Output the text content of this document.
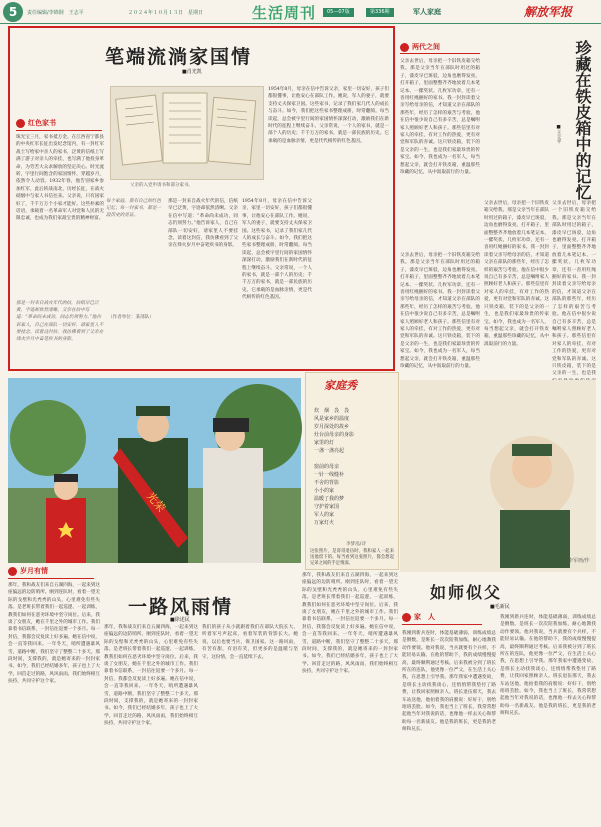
5	责任编辑/李锦钢　王志平	２０２４年１０月１３日　星期日	生活周刊	05—07版	第336期	军人家庭	解放军报
笔端流淌家国情
■肖光凯
父亲的入党申请书和部分家书。
红色家书
珠光宝三月，家书抵万金。在江西省宁都县的中央红军长征出发纪念馆内，有一封红军战士写给家中亲人的家书，泛黄的信纸上写满了游子对亲人的牵挂，也写满了他投身革命、为劳苦大众求解放的坚定决心。时光流转，字里行间饱含的家国情怀，穿越岁月，依然令人动容。1932年春，他告别家乡参加红军，此后转战南北，历经长征，在战火硝烟中与家人书信往来。父亲说，只有国家好了，千千万万个小家才能好。这些朴素的话语，承载着一名革命军人对党和人民的无限忠诚，也成为我们家最宝贵的精神财富。
每个家庭，都有自己的红色记忆；每一封家书，都是一段历史的见证。
（作者单位：某部队）
那是一封来自战火年代的信，信纸早已泛黄，字迹却依然清晰。父亲在信中写道：“革命尚未成功，同志仍须努力。”他告诉家人，自己在部队一切安好，请家里人不要挂念。读着这封信，我仿佛看到了父亲在烽火岁月中奋笔疾书的身影。
那是一封来自战火年代的信，信纸早已泛黄，字迹却依然清晰。父亲在信中写道：“革命尚未成功，同志仍须努力。”他告诉家人，自己在部队一切安好，请家里人不要挂念。读着这封信，我仿佛看到了父亲在烽火岁月中奋笔疾书的身影。
1954年8月，母亲在信中告诉父亲，家里一切安好，孩子们都很懂事，让他安心在部队工作。她说，军人的妻子，就要支持丈夫保家卫国。这些家书，记录了我们家几代人的成长与奋斗。如今，我们把这些家书整理成册，时常翻阅。每当读起，总会被字里行间的家国情怀深深打动，激励我们在新时代的征程上继续奋斗。父亲常说，一个人的家书，就是一部个人的历史；千千万万的家书，就是一部民族的历史。它承载的是血脉亲情，更是代代相传的红色基因。
1954年8月，母亲在信中告诉父亲，家里一切安好，孩子们都很懂事，让他安心在部队工作。她说，军人的妻子，就要支持丈夫保家卫国。这些家书，记录了我们家几代人的成长与奋斗。如今，我们把这些家书整理成册，时常翻阅。每当读起，总会被字里行间的家国情怀深深打动，激励我们在新时代的征程上继续奋斗。父亲常说，一个人的家书，就是一部个人的历史；千千万万的家书，就是一部民族的历史。它承载的是血脉亲情，更是代代相传的红色基因。
两代之间	珍藏在铁皮箱中的记忆
■王立平
父亲去世后，母亲把一个旧铁皮箱交给我。那是父亲当年在部队时用过的箱子，漆皮早已斑驳，边角也磨得发亮。打开箱子，里面整整齐齐地放着几本笔记本、一摞奖状、几枚军功章，还有一沓用红绳捆好的家书。我一封封读着父亲写给母亲的信，才知道父亲在部队的那些年，经历了怎样的艰苦与考验。他在信中很少说自己有多辛苦，总是嘱咐家人照顾好老人和孩子。那些信里有对家人的牵挂，有对工作的热爱，更有对党和军队的赤诚。这只铁皮箱，装下的是父亲的一生，也是我们家最珍贵的传家宝。如今，我也成为一名军人，每当想起父亲，就会打开铁皮箱，重温那些珍藏的记忆，从中汲取前行的力量。
父亲去世后，母亲把一个旧铁皮箱交给我。那是父亲当年在部队时用过的箱子，漆皮早已斑驳，边角也磨得发亮。打开箱子，里面整整齐齐地放着几本笔记本、一摞奖状、几枚军功章，还有一沓用红绳捆好的家书。我一封封读着父亲写给母亲的信，才知道父亲在部队的那些年，经历了怎样的艰苦与考验。他在信中很少说自己有多辛苦，总是嘱咐家人照顾好老人和孩子。那些信里有对家人的牵挂，有对工作的热爱，更有对党和军队的赤诚。这只铁皮箱，装下的是父亲的一生，也是我们家最珍贵的传家宝。如今，我也成为一名军人，每当想起父亲，就会打开铁皮箱，重温那些珍藏的记忆，从中汲取前行的力量。
父亲去世后，母亲把一个旧铁皮箱交给我。那是父亲当年在部队时用过的箱子，漆皮早已斑驳，边角也磨得发亮。打开箱子，里面整整齐齐地放着几本笔记本、一摞奖状、几枚军功章，还有一沓用红绳捆好的家书。我一封封读着父亲写给母亲的信，才知道父亲在部队的那些年，经历了怎样的艰苦与考验。他在信中很少说自己有多辛苦，总是嘱咐家人照顾好老人和孩子。那些信里有对家人的牵挂，有对工作的热爱，更有对党和军队的赤诚。这只铁皮箱，装下的是父亲的一生，也是我们家最珍贵的传家宝。如今，我也成为一名军人，每当想起父亲，就会打开铁皮箱，重温那些珍藏的记忆，从中汲取前行的力量。
父亲去世后，母亲把一个旧铁皮箱交给我。那是父亲当年在部队时用过的箱子，漆皮早已斑驳，边角也磨得发亮。打开箱子，里面整整齐齐地放着几本笔记本、一摞奖状、几枚军功章，还有一沓用红绳捆好的家书。我一封封读着父亲写给母亲的信，才知道父亲在部队的那些年，经历了怎样的艰苦与考验。他在信中很少说自己有多辛苦，总是嘱咐家人照顾好老人和孩子。那些信里有对家人的牵挂，有对工作的热爱，更有对党和军队的赤诚。这只铁皮箱，装下的是父亲的一生，也是我
光荣
家庭秀
炊　烟　袅　袅
风是家乡的温度
岁月深处的故乡
灶台前母亲的身影
家里的灯
一盏一盏亮起
窗前的母亲
一针一线缝补
不舍的背影
小小的家
温暖了我的梦
守护着家国
军人的家
万家灯火
李梦泓/诗
这张照片，是哥哥退伍时，我和家人一起来送他留下的。每当看到这张照片，都会想起兄弟之间的手足情深。	李军画/作
岁月有情
一路风雨情
■徐述民
那年，我和战友们来自五湖四海，一起来到这座偏远的边防哨所。刚到连队时，看着一望无际的戈壁和光秃秃的山头，心里难免有些失落。是老班长带着我们一起巡逻、一起训练，教我们如何在恶劣环境中坚守岗位。后来，我谈了女朋友，她在千里之外的城市工作。我们靠着书信联系，一封信往返要一个多月。每一封信，我都会反复读上好多遍。她在信中说，会一直等我回来。一年冬天，哨所遭遇暴风雪，道路中断，我们坚守了整整二十多天。那段时间，支撑我的，就是她寄来的一封封家书。如今，我们已经结婚多年，孩子也上了大学。回首走过的路，风风雨雨，我们始终相互扶持，共同守护这个家。
那年，我和战友们来自五湖四海，一起来到这座偏远的边防哨所。刚到连队时，看着一望无际的戈壁和光秃秃的山头，心里难免有些失落。是老班长带着我们一起巡逻、一起训练，教我们如何在恶劣环境中坚守岗位。后来，我谈了女朋友，她在千里之外的城市工作。我们靠着书信联系，一封信往返要一个多月。每一封信，我都会反复读上好多遍。她在信中说，会一直等我回来。一年冬天，哨所遭遇暴风雪，道路中断，我们坚守了整整二十多天。那段时间，支撑我的，就是她寄来的一封封家书。如今，我们已经结婚多年，孩子也上了大学。回首走过的路，风风雨雨，我们始终相互扶持，共同守护这个家。
我们的孩子从小就跟着我们在部队大院长大，听着军号声起床，看着军装的背影长大。她说，以后也要当兵，保卫国家。这一路风雨，有苦有甜，有泪有笑，但更多的是温暖与坚守。这份情，会一直延续下去。
那年，我和战友们来自五湖四海，一起来到这座偏远的边防哨所。刚到连队时，看着一望无际的戈壁和光秃秃的山头，心里难免有些失落。是老班长带着我们一起巡逻、一起训练，教我们如何在恶劣环境中坚守岗位。后来，我谈了女朋友，她在千里之外的城市工作。我们靠着书信联系，一封信往返要一个多月。每一封信，我都会反复读上好多遍。她在信中说，会一直等我回来。一年冬天，哨所遭遇暴风雪，道路中断，我们坚守了整整二十多天。那段时间，支撑我的，就是她寄来的一封封家书。如今，我们已经结婚多年，孩子也上了大学。回首走过的路，风风雨雨，我们始终相互扶持，共同守护这个家。
如师似父
■毛新民
家　人
我刚到新兵连时，体能基础薄弱，训练成绩总是倒数。是班长一次次陪我加练，耐心地教我动作要领。他对我说，当兵就要有个兵样，不能轻易认输。在他的帮助下，我的成绩慢慢提高，最终顺利通过考核。后来我被分到了班长所在的连队，他更像一位严父，在生活上关心我，在思想上引导我。那年我家中遭遇变故，是班长主动找我谈心，还悄悄帮我垫付了路费，让我回家照顾亲人。班长退伍那天，我去车站送他，他拍着我的肩膀说：好好干，别给咱班丢脸。如今，我也当上了班长，我常常想起他当年对我说的话，也像他一样去关心和帮助每一名新战友。他是我的班长，更是我的老师和兄长。
我刚到新兵连时，体能基础薄弱，训练成绩总是倒数。是班长一次次陪我加练，耐心地教我动作要领。他对我说，当兵就要有个兵样，不能轻易认输。在他的帮助下，我的成绩慢慢提高，最终顺利通过考核。后来我被分到了班长所在的连队，他更像一位严父，在生活上关心我，在思想上引导我。那年我家中遭遇变故，是班长主动找我谈心，还悄悄帮我垫付了路费，让我回家照顾亲人。班长退伍那天，我去车站送他，他拍着我的肩膀说：好好干，别给咱班丢脸。如今，我也当上了班长，我常常想起他当年对我说的话，也像他一样去关心和帮助每一名新战友。他是我的班长，更是我的老师和兄长。
